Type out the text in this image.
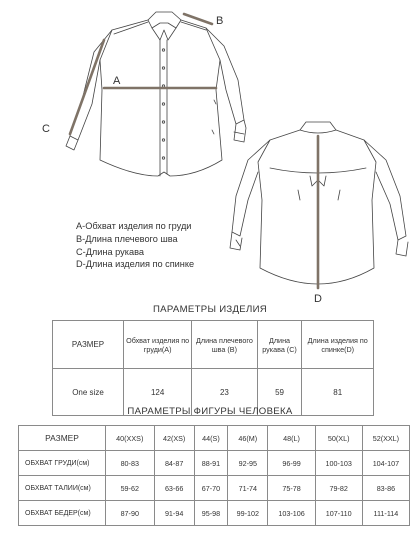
A
B
C
D
A-Обхват изделия по груди
B-Длина плечевого шва
C-Длина рукава
D-Длина изделия по спинке
ПАРАМЕТРЫ ИЗДЕЛИЯ
РАЗМЕР	Обхват изделия по груди(A)	Длина плечевого шва (B)	Длина рукава (C)	Длина изделия по спинке(D)
One size	124	23	59	81
ПАРАМЕТРЫ ФИГУРЫ ЧЕЛОВЕКА
РАЗМЕР	40(XXS)	42(XS)	44(S)	46(M)	48(L)	50(XL)	52(XXL)
ОБХВАТ ГРУДИ(см)	80-83	84-87	88-91	92-95	96-99	100-103	104-107
ОБХВАТ ТАЛИИ(см)	59-62	63-66	67-70	71-74	75-78	79-82	83-86
ОБХВАТ БЕДЕР(см)	87-90	91-94	95-98	99-102	103-106	107-110	111-114
